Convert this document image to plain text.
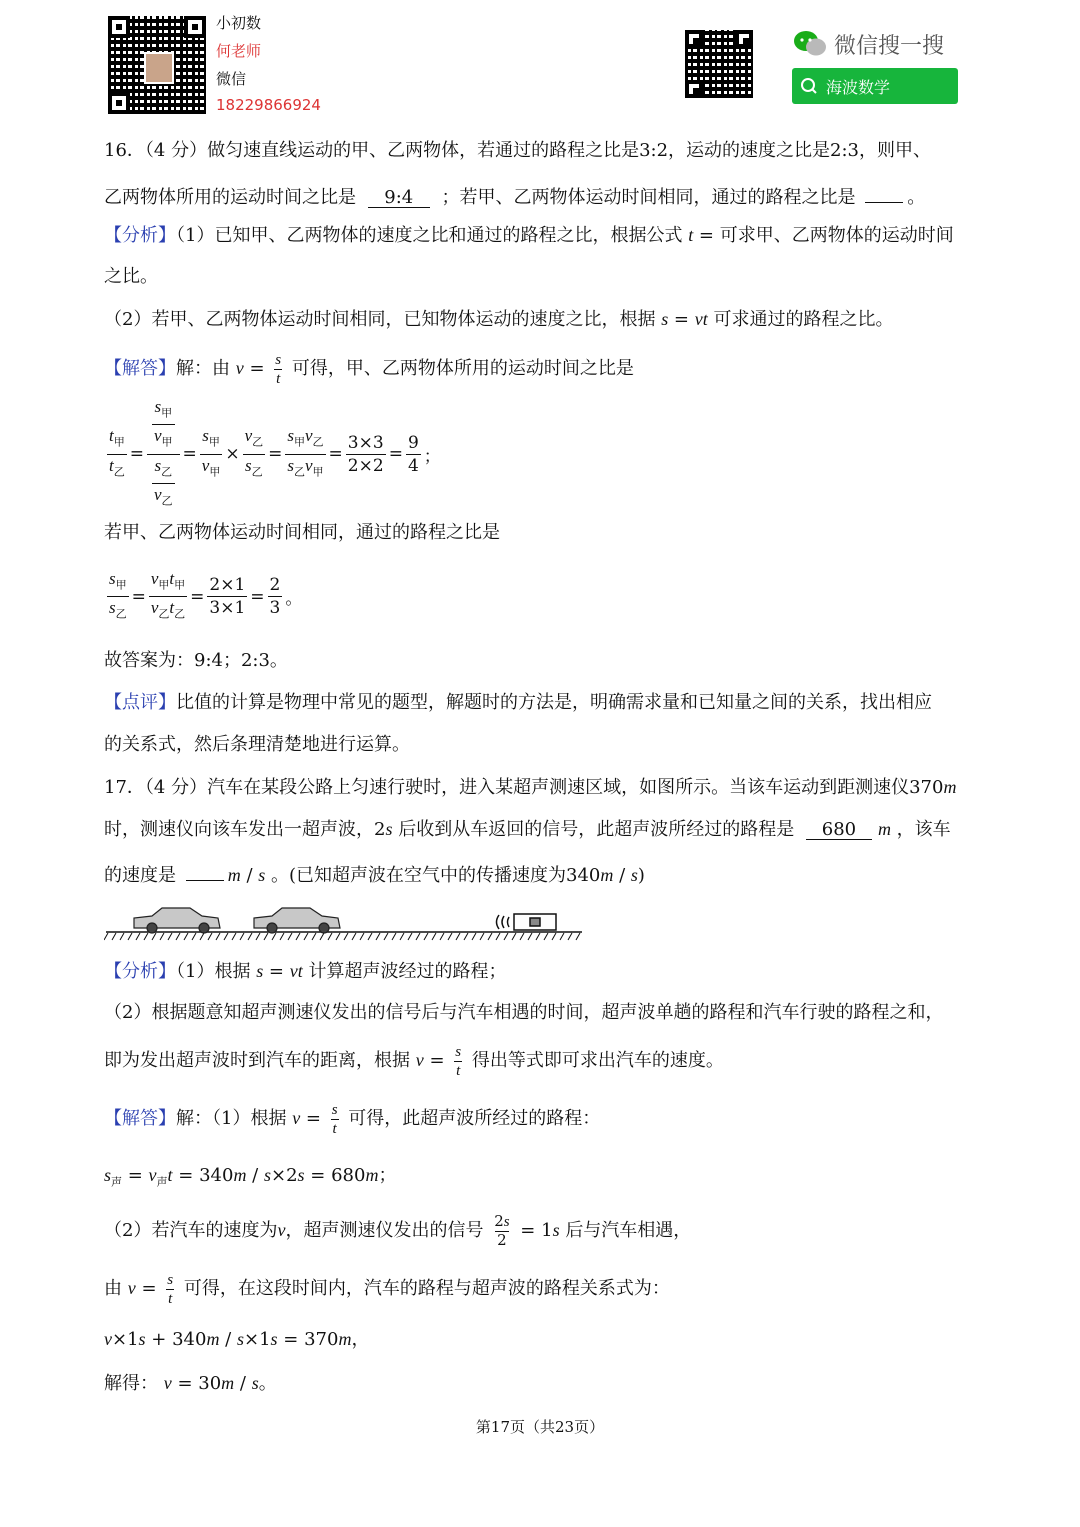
小初数
何老师
微信
18229866924
微信搜一搜
海波数学
16．（4 分）做匀速直线运动的甲、乙两物体，若通过的路程之比是3:2，运动的速度之比是2:3，则甲、
乙两物体所用的运动时间之比是 9:4 ；若甲、乙两物体运动时间相同，通过的路程之比是	。
【分析】（1）已知甲、乙两物体的速度之比和通过的路程之比，根据公式 t = 可求甲、乙两物体的运动时间
之比。
（2）若甲、乙两物体运动时间相同，已知物体运动的速度之比，根据 s = vt 可求通过的路程之比。
【解答】解：由 $v = \frac{s}{t}$ 可得，甲、乙两物体所用的运动时间之比是
$\frac{t_甲}{t_乙} = \frac{\frac{s_甲}{v_甲}}{\frac{s_乙}{v_乙}} = \frac{s_甲}{v_甲} \times \frac{v_乙}{s_乙} = \frac{s_甲v_乙}{s_乙v_甲} = \frac{3\times 3}{2\times 2} = \frac{9}{4}$ ；
若甲、乙两物体运动时间相同，通过的路程之比是
$\frac{s_甲}{s_乙} = \frac{v_甲t_甲}{v_乙t_乙} = \frac{2\times 1}{3\times 1} = \frac{2}{3}$ 。
故答案为：9:4；2:3。
【点评】比值的计算是物理中常见的题型，解题时的方法是，明确需求量和已知量之间的关系，找出相应
的关系式，然后条理清楚地进行运算。
17．（4 分）汽车在某段公路上匀速行驶时，进入某超声测速区域，如图所示。当该车运动到距测速仪370m
时，测速仪向该车发出一超声波，2s 后收到从车返回的信号，此超声波所经过的路程是 680 m ，该车
的速度是	m / s 。(已知超声波在空气中的传播速度为340m / s)
【分析】（1）根据 s = vt 计算超声波经过的路程；
（2）根据题意知超声测速仪发出的信号后与汽车相遇的时间，超声波单趟的路程和汽车行驶的路程之和，
即为发出超声波时到汽车的距离，根据 $v = \frac{s}{t}$ 得出等式即可求出汽车的速度。
【解答】解：（1）根据 $v = \frac{s}{t}$ 可得，此超声波所经过的路程：
$s_声 = v_声t = 340m / s\times 2s = 680m$；
（2）若汽车的速度为v，超声测速仪发出的信号 $\frac{2s}{2} = 1s$ 后与汽车相遇，
由 $v = \frac{s}{t}$ 可得，在这段时间内，汽车的路程与超声波的路程关系式为：
v×1s + 340m / s×1s = 370m，
解得： v = 30m / s。
第17页（共23页）
